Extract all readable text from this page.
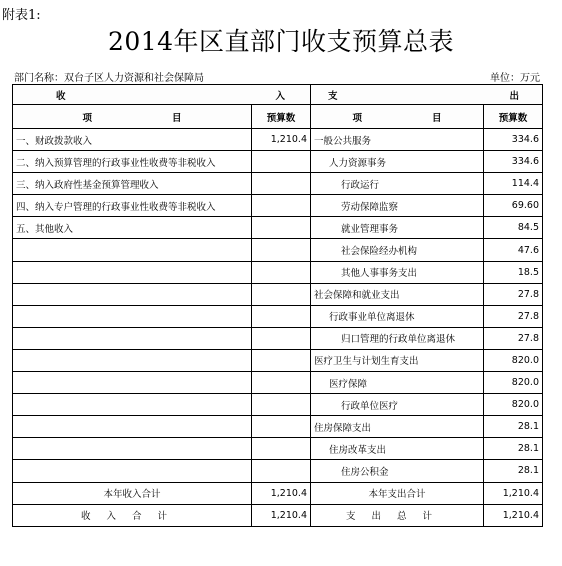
附表1:
2014年区直部门收支预算总表
部门名称：双台子区人力资源和社会保障局	单位：万元
收 入		支 出	

项 目	预算数	项 目	预算数
一、财政拨款收入	1,210.4	一般公共服务	334.6
二、纳入预算管理的行政事业性收费等非税收入		人力资源事务	334.6
三、纳入政府性基金预算管理收入		行政运行	114.4
四、纳入专户管理的行政事业性收费等非税收入		劳动保障监察	69.60
五、其他收入		就业管理事务	84.5
		社会保险经办机构	47.6
		其他人事事务支出	18.5
		社会保障和就业支出	27.8
		行政事业单位离退休	27.8
		归口管理的行政单位离退休	27.8
		医疗卫生与计划生育支出	820.0
		医疗保障	820.0
		行政单位医疗	820.0
		住房保障支出	28.1
		住房改革支出	28.1
		住房公积金	28.1
本年收入合计	1,210.4	本年支出合计	1,210.4
收入合计	1,210.4	支出总计	1,210.4
